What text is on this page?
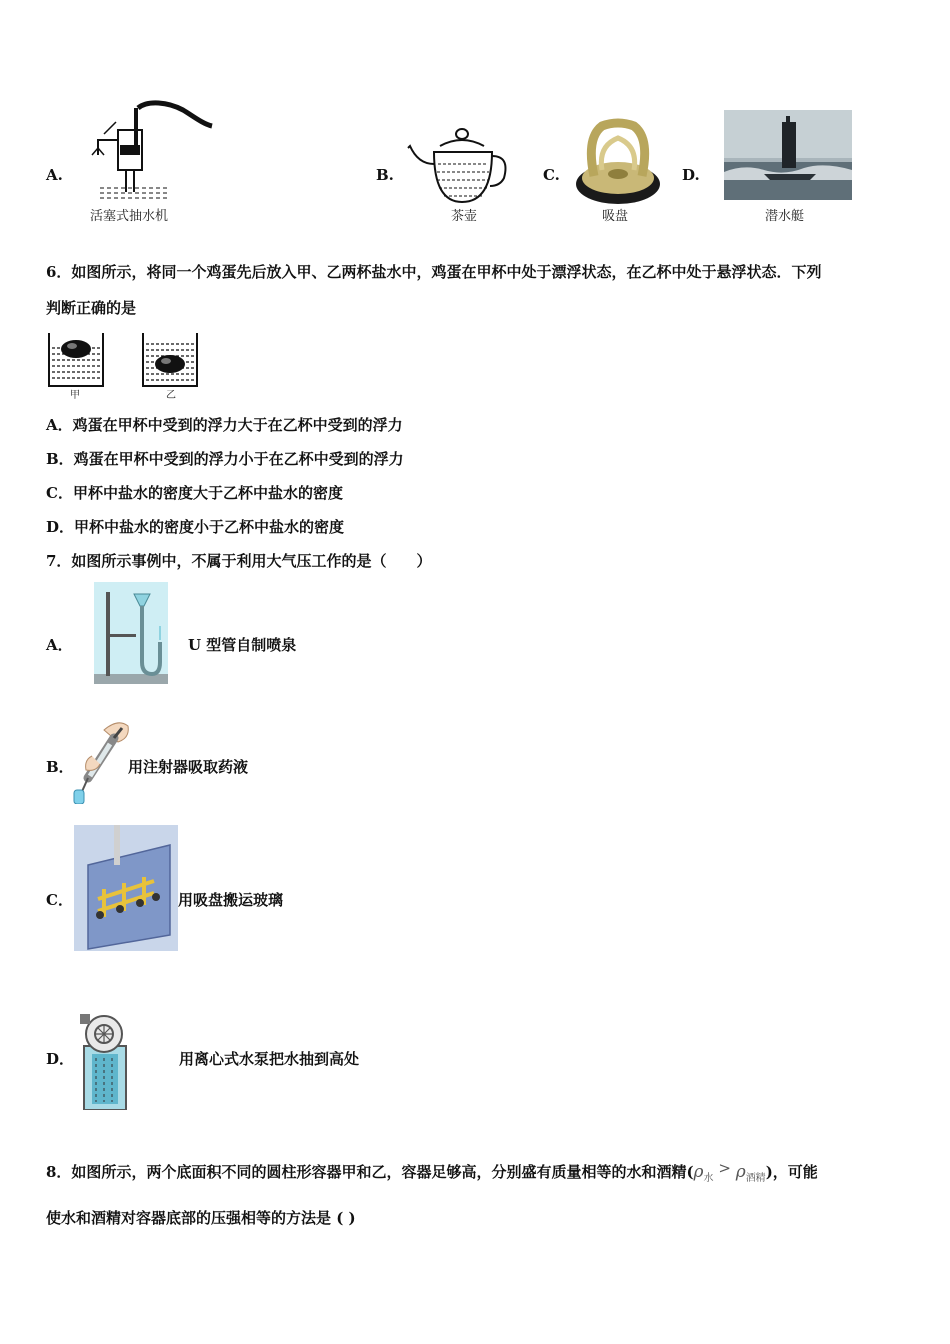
A.
活塞式抽水机
B.
茶壶
C.
吸盘
D.
潜水艇
6．如图所示，将同一个鸡蛋先后放入甲、乙两杯盐水中，鸡蛋在甲杯中处于漂浮状态，在乙杯中处于悬浮状态．下列
判断正确的是
甲	乙
A．鸡蛋在甲杯中受到的浮力大于在乙杯中受到的浮力
B．鸡蛋在甲杯中受到的浮力小于在乙杯中受到的浮力
C．甲杯中盐水的密度大于乙杯中盐水的密度
D．甲杯中盐水的密度小于乙杯中盐水的密度
7．如图所示事例中，不属于利用大气压工作的是（　　）
A．	U 型管自制喷泉
B．	用注射器吸取药液
C．	用吸盘搬运玻璃
D．	用离心式水泵把水抽到高处
8．如图所示，两个底面积不同的圆柱形容器甲和乙，容器足够高，分别盛有质量相等的水和酒精$(\rho_水 > \rho_{酒精})$，可能
使水和酒精对容器底部的压强相等的方法是 ( )
